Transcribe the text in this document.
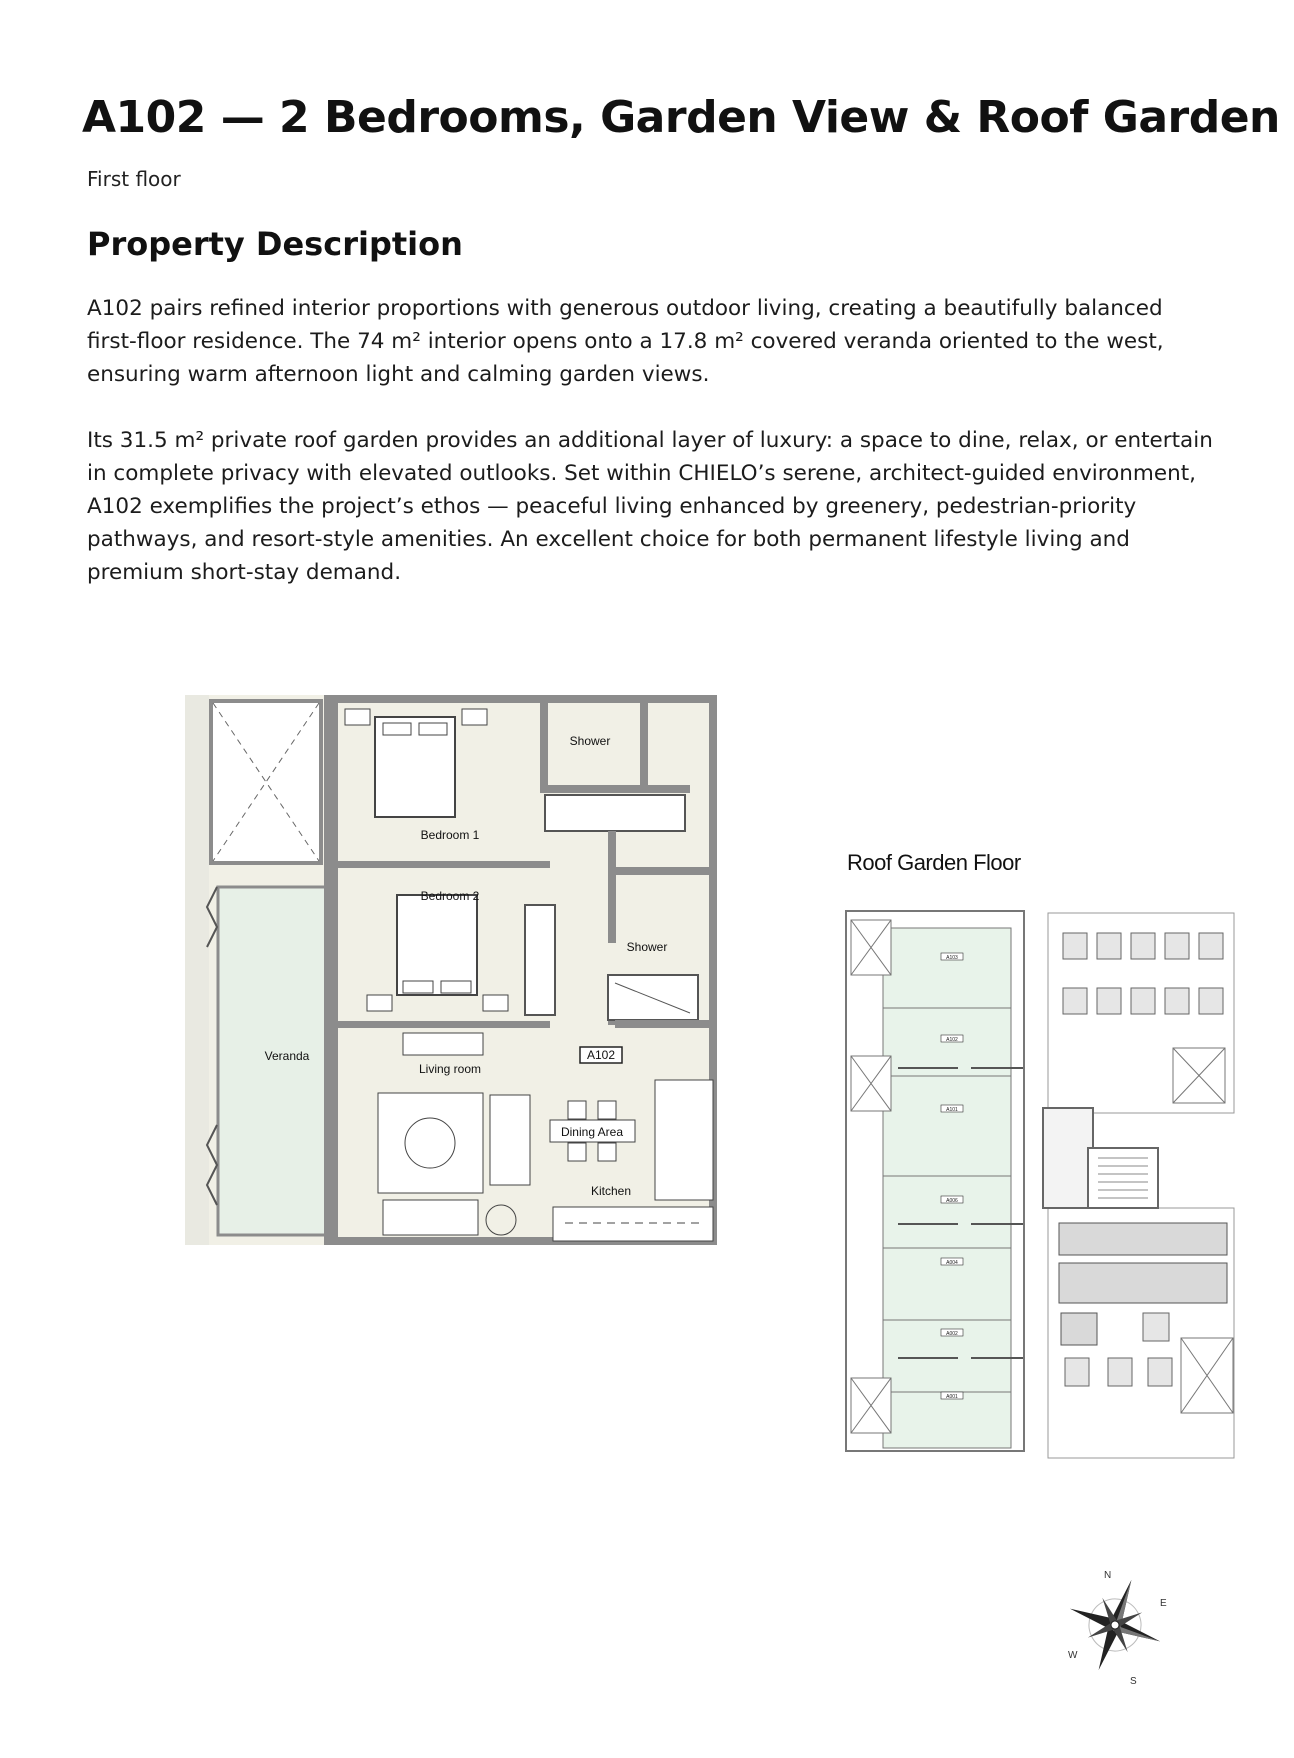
A102 — 2 Bedrooms, Garden View & Roof Garden
First floor
Property Description

A102 pairs refined interior proportions with generous outdoor living, creating a beautifully balanced first-floor residence. The 74 m² interior opens onto a 17.8 m² covered veranda oriented to the west, ensuring warm afternoon light and calming garden views.

Its 31.5 m² private roof garden provides an additional layer of luxury: a space to dine, relax, or entertain in complete privacy with elevated outlooks. Set within CHIELO’s serene, architect-guided environment, A102 exemplifies the project’s ethos — peaceful living enhanced by greenery, pedestrian-priority pathways, and resort-style amenities. An excellent choice for both permanent lifestyle living and premium short-stay demand.

A102
Shower
Bedroom 1
Bedroom 2
Shower
Veranda
Living room
Dining Area
Kitchen
Roof Garden Floor
A103
A102
A101
A006
A004
A002
A001
N
E
S
W
